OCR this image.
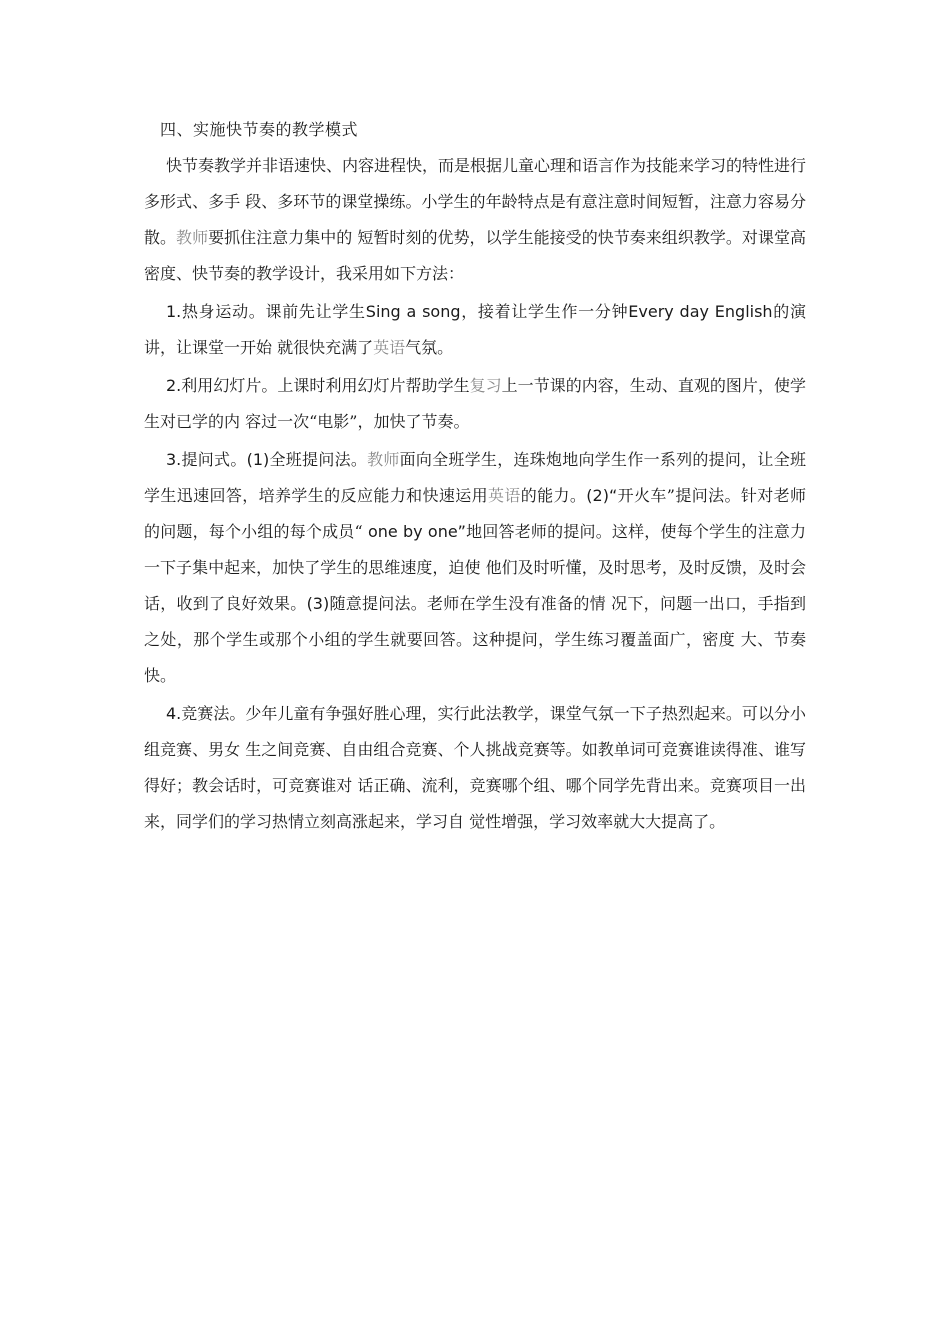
四、实施快节奏的教学模式

快节奏教学并非语速快、内容进程快，而是根据儿童心理和语言作为技能来学习的特性进行多形式、多手 段、多环节的课堂操练。小学生的年龄特点是有意注意时间短暂，注意力容易分散。教师要抓住注意力集中的 短暂时刻的优势，以学生能接受的快节奏来组织教学。对课堂高密度、快节奏的教学设计，我采用如下方法：

1.热身运动。课前先让学生Sing a song，接着让学生作一分钟Every day English的演讲，让课堂一开始 就很快充满了英语气氛。

2.利用幻灯片。上课时利用幻灯片帮助学生复习上一节课的内容，生动、直观的图片，使学生对已学的内 容过一次“电影”，加快了节奏。

3.提问式。(1)全班提问法。教师面向全班学生，连珠炮地向学生作一系列的提问，让全班学生迅速回答，培养学生的反应能力和快速运用英语的能力。(2)“开火车”提问法。针对老师的问题，每个小组的每个成员“ one by one”地回答老师的提问。这样，使每个学生的注意力一下子集中起来，加快了学生的思维速度，迫使 他们及时听懂，及时思考，及时反馈，及时会话，收到了良好效果。(3)随意提问法。老师在学生没有准备的情 况下，问题一出口，手指到之处，那个学生或那个小组的学生就要回答。这种提问，学生练习覆盖面广，密度 大、节奏快。

4.竞赛法。少年儿童有争强好胜心理，实行此法教学，课堂气氛一下子热烈起来。可以分小组竞赛、男女 生之间竞赛、自由组合竞赛、个人挑战竞赛等。如教单词可竞赛谁读得准、谁写得好；教会话时，可竞赛谁对 话正确、流利，竞赛哪个组、哪个同学先背出来。竞赛项目一出来，同学们的学习热情立刻高涨起来，学习自 觉性增强，学习效率就大大提高了。
